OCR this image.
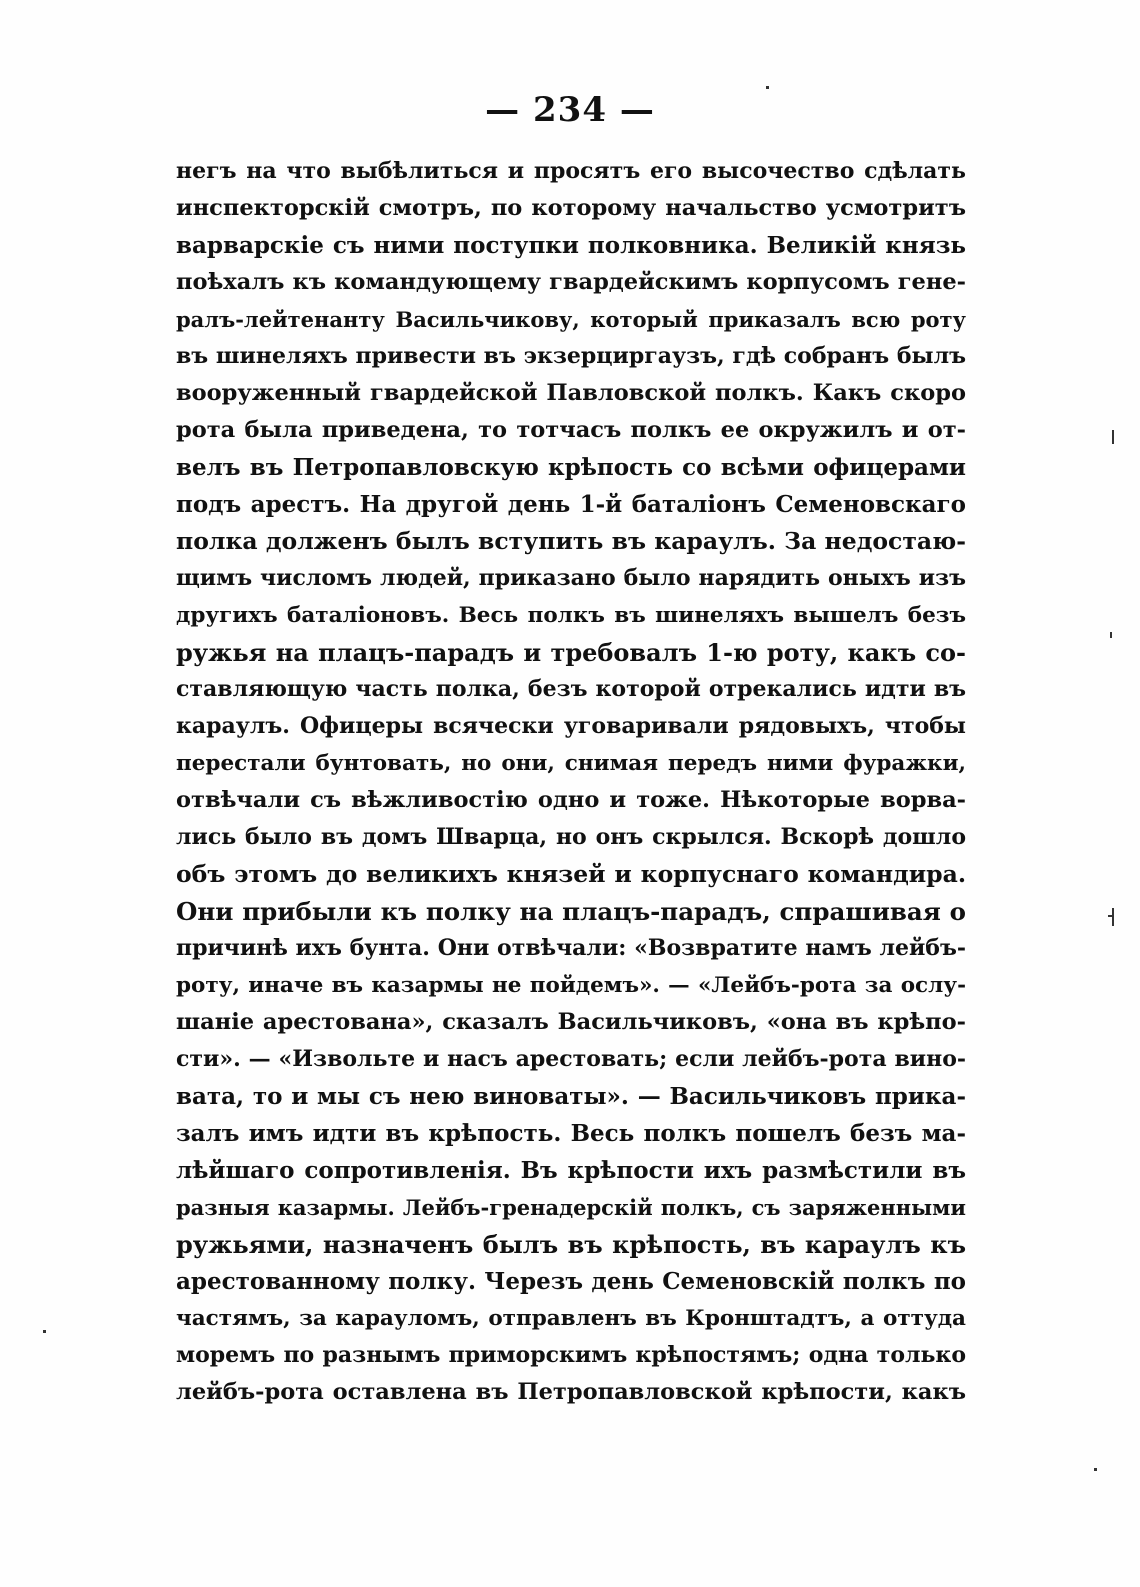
— 234 —
негъ на что выбѣлиться и просятъ его высочество сдѣлать
инспекторскій смотръ, по которому начальство усмотритъ
варварскіе съ ними поступки полковника. Великій князь
поѣхалъ къ командующему гвардейскимъ корпусомъ гене-
ралъ-лейтенанту Васильчикову, который приказалъ всю роту
въ шинеляхъ привести въ экзерциргаузъ, гдѣ собранъ былъ
вооруженный гвардейской Павловской полкъ. Какъ скоро
рота была приведена, то тотчасъ полкъ ее окружилъ и от-
велъ въ Петропавловскую крѣпость со всѣми офицерами
подъ арестъ. На другой день 1-й баталіонъ Семеновскаго
полка долженъ былъ вступить въ караулъ. За недостаю-
щимъ числомъ людей, приказано было нарядить оныхъ изъ
другихъ баталіоновъ. Весь полкъ въ шинеляхъ вышелъ безъ
ружья на плацъ-парадъ и требовалъ 1-ю роту, какъ со-
ставляющую часть полка, безъ которой отрекались идти въ
караулъ. Офицеры всячески уговаривали рядовыхъ, чтобы
перестали бунтовать, но они, снимая передъ ними фуражки,
отвѣчали съ вѣжливостію одно и тоже. Нѣкоторые ворва-
лись было въ домъ Шварца, но онъ скрылся. Вскорѣ дошло
объ этомъ до великихъ князей и корпуснаго командира.
Они прибыли къ полку на плацъ-парадъ, спрашивая о
причинѣ ихъ бунта. Они отвѣчали: «Возвратите намъ лейбъ-
роту, иначе въ казармы не пойдемъ». — «Лейбъ-рота за ослу-
шаніе арестована», сказалъ Васильчиковъ, «она въ крѣпо-
сти». — «Извольте и насъ арестовать; если лейбъ-рота вино-
вата, то и мы съ нею виноваты». — Васильчиковъ прика-
залъ имъ идти въ крѣпость. Весь полкъ пошелъ безъ ма-
лѣйшаго сопротивленія. Въ крѣпости ихъ размѣстили въ
разныя казармы. Лейбъ-гренадерскій полкъ, съ заряженными
ружьями, назначенъ былъ въ крѣпость, въ караулъ къ
арестованному полку. Черезъ день Семеновскій полкъ по
частямъ, за карауломъ, отправленъ въ Кронштадтъ, а оттуда
моремъ по разнымъ приморскимъ крѣпостямъ; одна только
лейбъ-рота оставлена въ Петропавловской крѣпости, какъ
